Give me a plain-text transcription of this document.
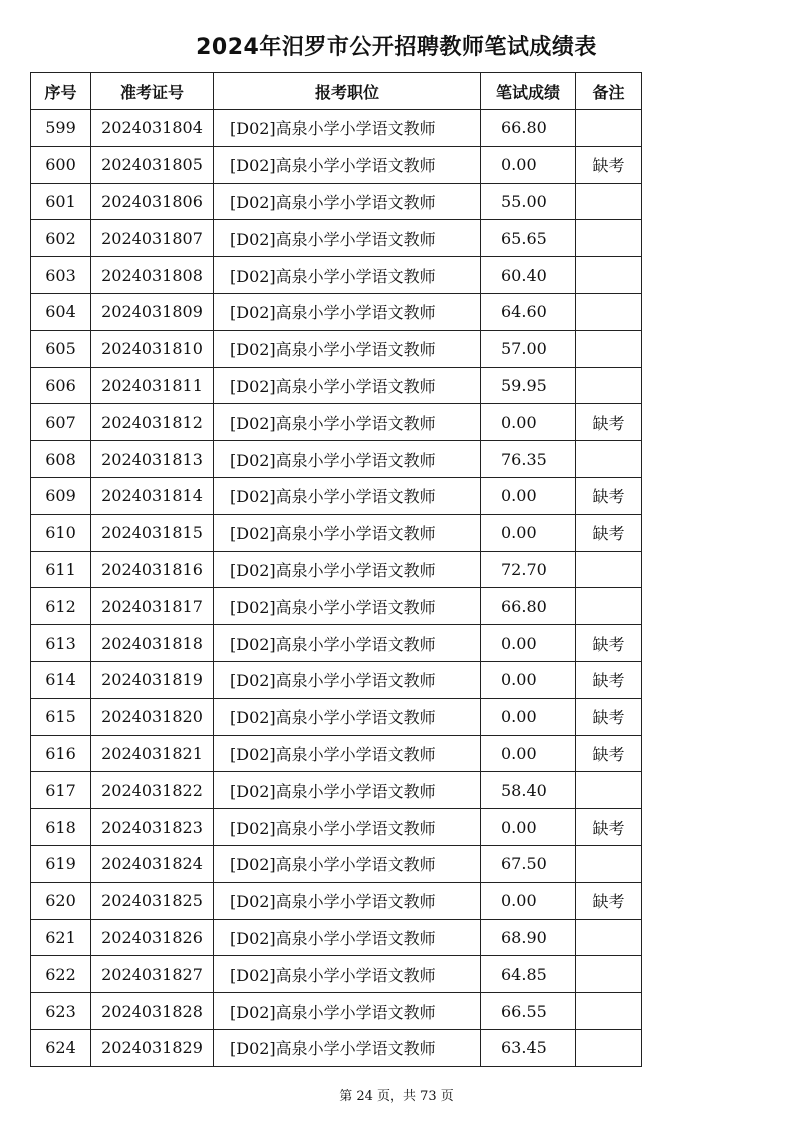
2024年汨罗市公开招聘教师笔试成绩表
序号	准考证号	报考职位	笔试成绩	备注
599	2024031804	[D02]高泉小学小学语文教师	66.80	
600	2024031805	[D02]高泉小学小学语文教师	0.00	缺考
601	2024031806	[D02]高泉小学小学语文教师	55.00	
602	2024031807	[D02]高泉小学小学语文教师	65.65	
603	2024031808	[D02]高泉小学小学语文教师	60.40	
604	2024031809	[D02]高泉小学小学语文教师	64.60	
605	2024031810	[D02]高泉小学小学语文教师	57.00	
606	2024031811	[D02]高泉小学小学语文教师	59.95	
607	2024031812	[D02]高泉小学小学语文教师	0.00	缺考
608	2024031813	[D02]高泉小学小学语文教师	76.35	
609	2024031814	[D02]高泉小学小学语文教师	0.00	缺考
610	2024031815	[D02]高泉小学小学语文教师	0.00	缺考
611	2024031816	[D02]高泉小学小学语文教师	72.70	
612	2024031817	[D02]高泉小学小学语文教师	66.80	
613	2024031818	[D02]高泉小学小学语文教师	0.00	缺考
614	2024031819	[D02]高泉小学小学语文教师	0.00	缺考
615	2024031820	[D02]高泉小学小学语文教师	0.00	缺考
616	2024031821	[D02]高泉小学小学语文教师	0.00	缺考
617	2024031822	[D02]高泉小学小学语文教师	58.40	
618	2024031823	[D02]高泉小学小学语文教师	0.00	缺考
619	2024031824	[D02]高泉小学小学语文教师	67.50	
620	2024031825	[D02]高泉小学小学语文教师	0.00	缺考
621	2024031826	[D02]高泉小学小学语文教师	68.90	
622	2024031827	[D02]高泉小学小学语文教师	64.85	
623	2024031828	[D02]高泉小学小学语文教师	66.55	
624	2024031829	[D02]高泉小学小学语文教师	63.45	
第 24 页，共 73 页
